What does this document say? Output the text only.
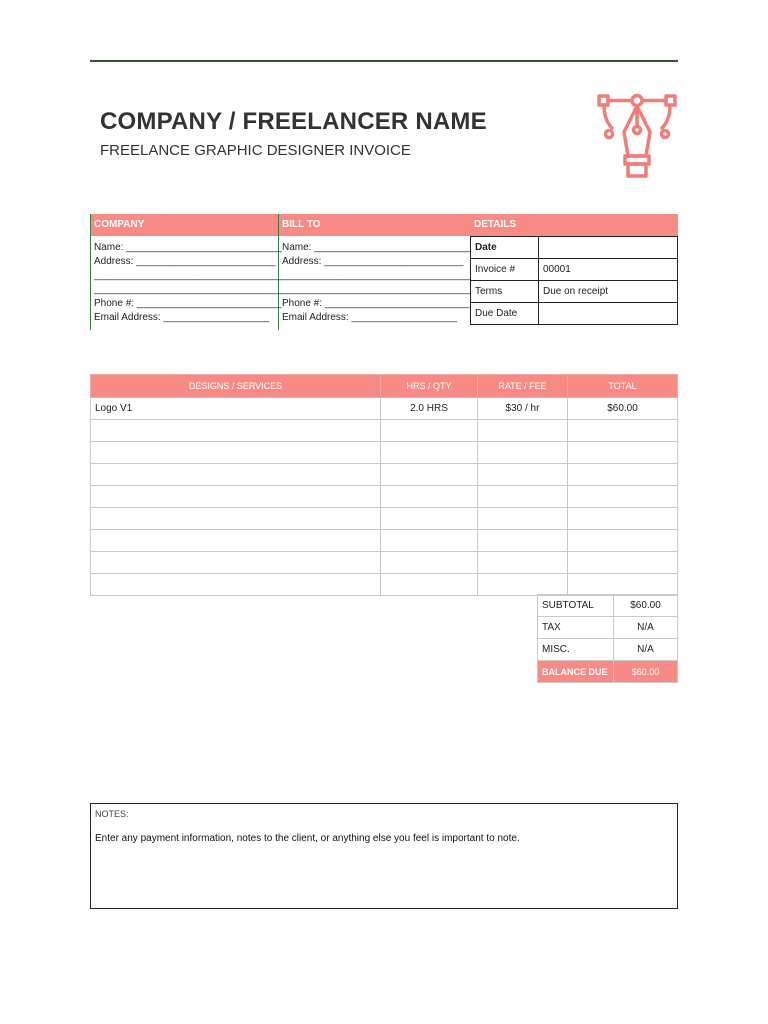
COMPANY / FREELANCER NAME
FREELANCE GRAPHIC DESIGNER INVOICE
COMPANY	BILL TO	DETAILS
Name: ____________________________
Address: _________________________
__________________________________
__________________________________
Phone #: __________________________
Email Address: ___________________
Name: ____________________________
Address: _________________________
__________________________________
__________________________________
Phone #: __________________________
Email Address: ___________________
Date	
Invoice #	00001
Terms	Due on receipt
Due Date	
DESIGNS / SERVICES	HRS / QTY	RATE / FEE	TOTAL
Logo V1	2.0 HRS	$30 / hr	$60.00

SUBTOTAL	$60.00
TAX	N/A
MISC.	N/A
BALANCE DUE	$60.00
NOTES:
Enter any payment information, notes to the client, or anything else you feel is important to note.
